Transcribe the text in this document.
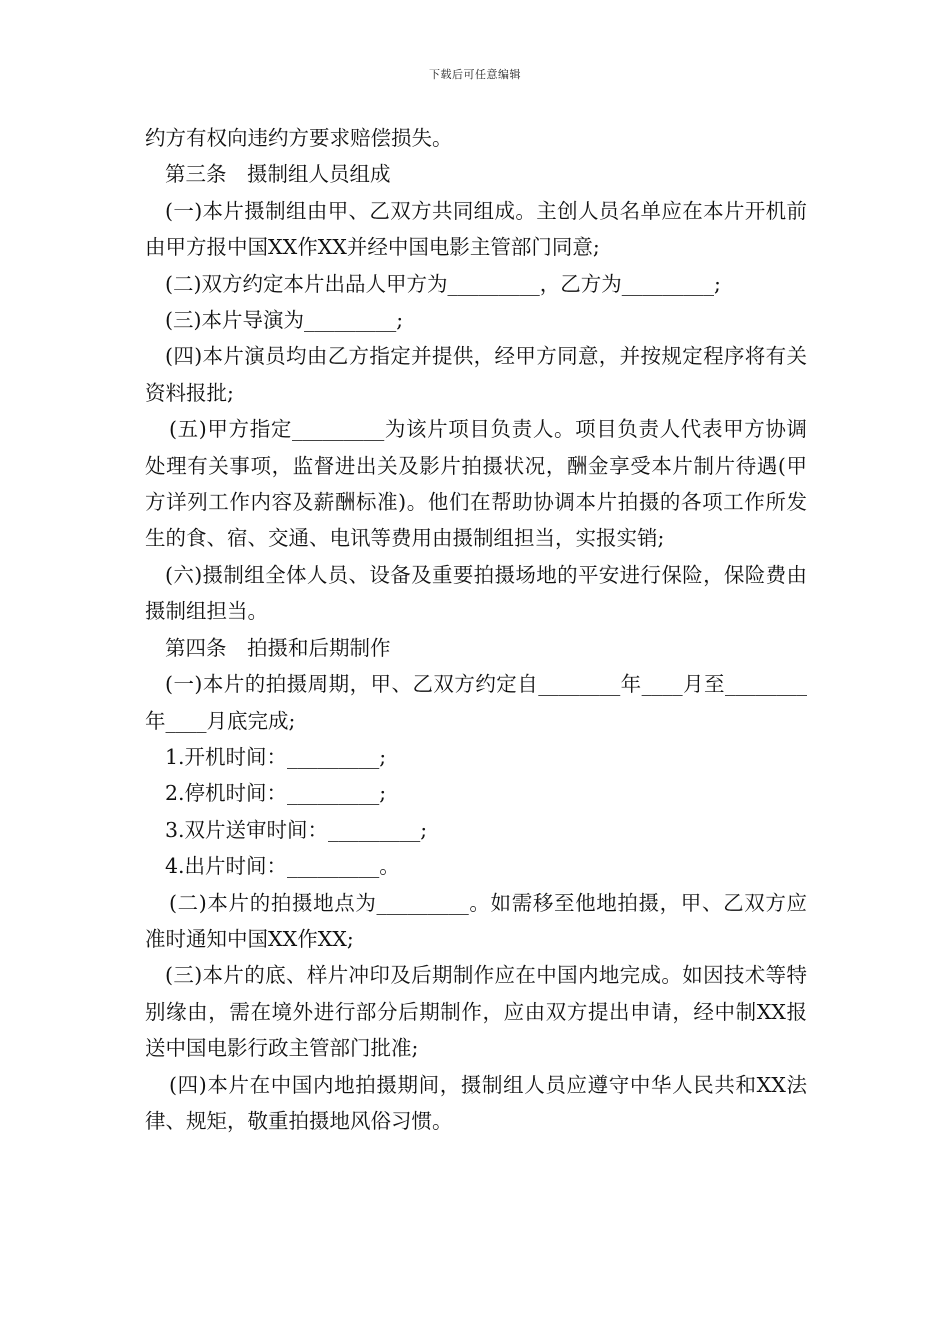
下载后可任意编辑

约方有权向违约方要求赔偿损失。

第三条　摄制组人员组成

(一)本片摄制组由甲、乙双方共同组成。主创人员名单应在本片开机前由甲方报中国XX作XX并经中国电影主管部门同意;

(二)双方约定本片出品人甲方为_________，乙方为_________;

(三)本片导演为_________;

(四)本片演员均由乙方指定并提供，经甲方同意，并按规定程序将有关资料报批;

(五)甲方指定_________为该片项目负责人。项目负责人代表甲方协调处理有关事项，监督进出关及影片拍摄状况，酬金享受本片制片待遇(甲方详列工作内容及薪酬标准)。他们在帮助协调本片拍摄的各项工作所发生的食、宿、交通、电讯等费用由摄制组担当，实报实销;

(六)摄制组全体人员、设备及重要拍摄场地的平安进行保险，保险费由摄制组担当。

第四条　拍摄和后期制作

(一)本片的拍摄周期，甲、乙双方约定自________年____月至________年____月底完成;

1.开机时间：_________;

2.停机时间：_________;

3.双片送审时间：_________;

4.出片时间：_________。

(二)本片的拍摄地点为_________。如需移至他地拍摄，甲、乙双方应准时通知中国XX作XX;

(三)本片的底、样片冲印及后期制作应在中国内地完成。如因技术等特别缘由，需在境外进行部分后期制作，应由双方提出申请，经中制XX报送中国电影行政主管部门批准;

(四)本片在中国内地拍摄期间，摄制组人员应遵守中华人民共和XX法律、规矩，敬重拍摄地风俗习惯。
